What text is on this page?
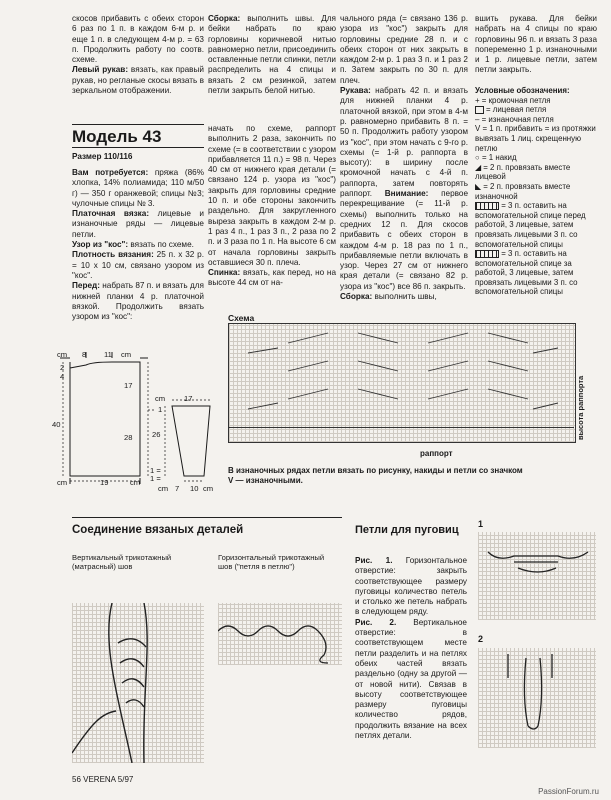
скосов прибавить с обеих сторон 6 раз по 1 п. в каждом 6-м р. и еще 1 п. в следующем 4-м р. = 63 п. Продолжить работу по соотв. схеме.

Левый рукав: вязать, как правый рукав, но регланые скосы вязать в зеркальном отображении.

Сборка: выполнить швы. Для бейки набрать по краю горловины коричневой нитью равномерно петли, присоединить оставленные петли спинки, петли распределить на 4 спицы и вязать 2 см резинкой, затем петли закрыть белой нитью.

чального ряда (= связано 136 р. узора из "кос") закрыть для горловины средние 28 п. и с обеих сторон от них закрыть в каждом 2-м р. 1 раз 3 п. и 1 раз 2 п. Затем закрыть по 30 п. для плеч.

Рукава: набрать 42 п. и вязать для нижней планки 4 р. платочной вязкой, при этом в 4-м р. равномерно прибавить 8 п. = 50 п. Продолжить работу узором из "кос", при этом начать с 9-го р. схемы (= 1-й р. раппорта в высоту): в ширину после кромочной начать с 4-й п. раппорта, затем повторять раппорт. Внимание: первое перекрещивание (= 11-й р. схемы) выполнить только на средних 12 п. Для скосов прибавить с обеих сторон в каждом 4-м р. 18 раз по 1 п., прибавляемые петли включать в узор. Через 27 см от нижнего края детали (= связано 82 р. узора из "кос") все 86 п. закрыть.

Сборка: выполнить швы,

вшить рукава. Для бейки набрать на 4 спицы по краю горловины 96 п. и вязать 3 раза попеременно 1 р. изнаночными и 1 р. лицевые петли, затем петли закрыть.

Условные обозначения:

+ = кромочная петля

= лицевая петля

– = изнаночная петля

V = 1 п. прибавить = из протяжки вывязать 1 лиц. скрещенную петлю

○ = 1 накид

◢ = 2 п. провязать вместе лицевой

◣ = 2 п. провязать вместе изнаночной

= 3 п. оставить на вспомогательной спице перед работой, 3 лицевые, затем провязать лицевыми 3 п. со вспомогательной спицы

= 3 п. оставить на вспомогательной спице за работой, 3 лицевые, затем провязать лицевыми 3 п. со вспомогательной спицы

Модель 43
Размер 110/116

Вам потребуется: пряжа (86% хлопка, 14% полиамида; 110 м/50 г) — 350 г оранжевой; спицы №3; чулочные спицы № 3.

Платочная вязка: лицевые и изнаночные ряды — лицевые петли.

Узор из "кос": вязать по схеме.

Плотность вязания: 25 п. x 32 р. = 10 x 10 см, связано узором из "кос".

Перед: набрать 87 п. и вязать для нижней планки 4 р. платочной вязкой. Продолжить вязать узором из "кос":

начать по схеме, раппорт выполнить 2 раза, закончить по схеме (= в соответствии с узором прибавляется 11 п.) = 98 п. Через 40 см от нижнего края детали (= связано 124 р. узора из "кос") закрыть для горловины средние 10 п. и обе стороны закончить раздельно. Для закругленного выреза закрыть в каждом 2-м р. 1 раз 4 п., 1 раз 3 п., 2 раза по 2 п. и 3 раза по 1 п. На высоте 6 см от начала горловины закрыть оставшиеся 30 п. плеча.

Спинка: вязать, как перед, но на высоте 44 см от на-

cm 8 11 cm
2
4
40
17
28
cm	19	cm
cm 17
1
26
1 =
1 =
cm 7 10 cm
Схема
высота раппорта
раппорт
В изнаночных рядах петли вязать по рисунку, накиды и петли со значком V — изнаночными.
Соединение вязаных деталей
Вертикальный трикотажный (матрасный) шов
Горизонтальный трикотажный шов ("петля в петлю")
Петли для пуговиц

Рис. 1. Горизонтальное отверстие: закрыть соответствующее размеру пуговицы количество петель и столько же петель набрать в следующем ряду.

Рис. 2. Вертикальное отверстие: в соответствующем месте петли разделить и на петлях обеих частей вязать раздельно (одну за другой — от новой нити). Связав в высоту соответствующее размеру пуговицы количество рядов, продолжить вязание на всех петлях детали.

1
2
56 VERENA 5/97
PassionForum.ru
